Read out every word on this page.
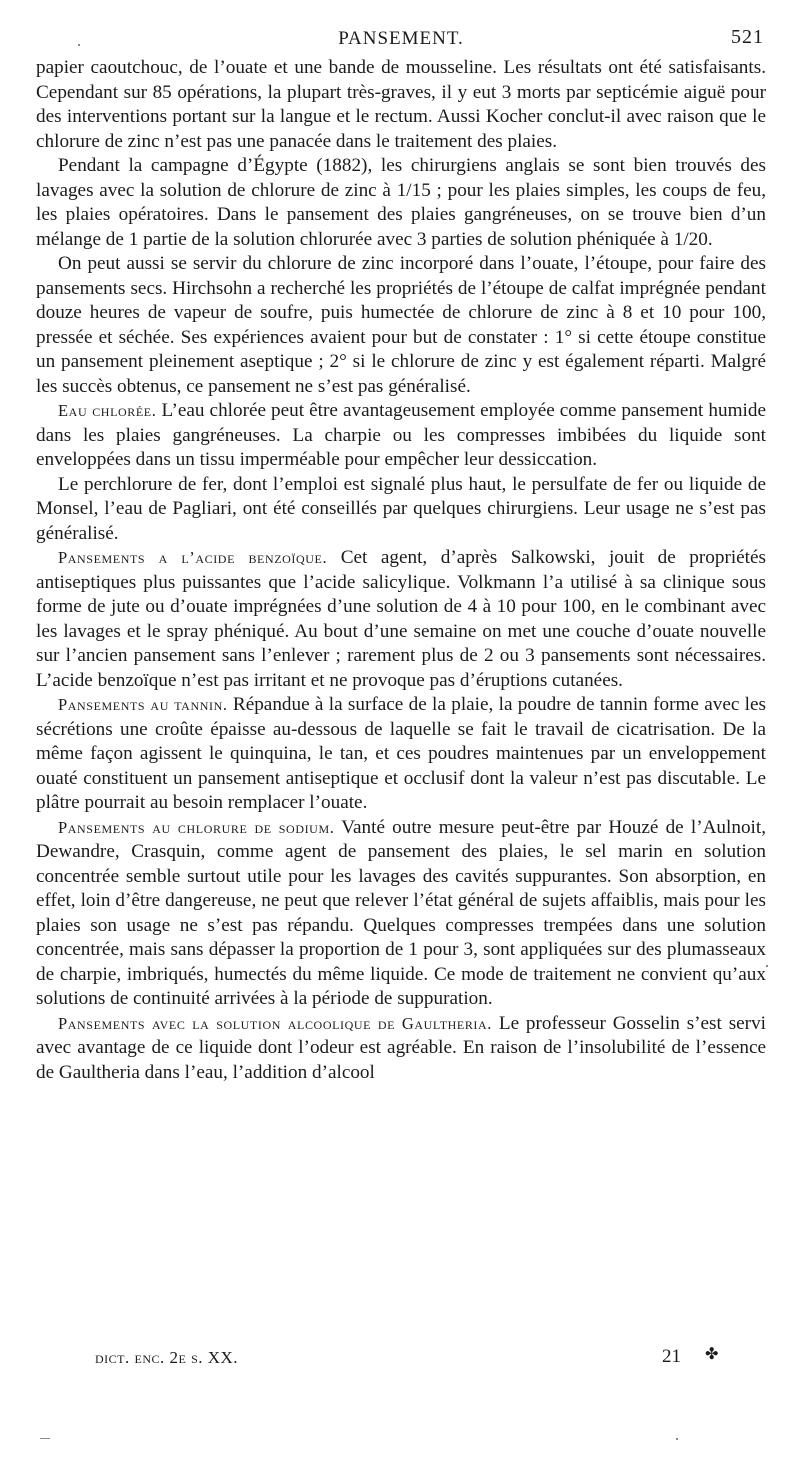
PANSEMENT.	521

papier caoutchouc, de l’ouate et une bande de mousseline. Les résultats ont été satisfaisants. Cependant sur 85 opérations, la plupart très-graves, il y eut 3 morts par septicémie aiguë pour des interventions portant sur la langue et le rectum. Aussi Kocher conclut-il avec raison que le chlorure de zinc n’est pas une panacée dans le traitement des plaies.

Pendant la campagne d’Égypte (1882), les chirurgiens anglais se sont bien trouvés des lavages avec la solution de chlorure de zinc à 1/15 ; pour les plaies simples, les coups de feu, les plaies opératoires. Dans le pansement des plaies gangréneuses, on se trouve bien d’un mélange de 1 partie de la solution chlorurée avec 3 parties de solution phéniquée à 1/20.

On peut aussi se servir du chlorure de zinc incorporé dans l’ouate, l’étoupe, pour faire des pansements secs. Hirchsohn a recherché les propriétés de l’étoupe de calfat imprégnée pendant douze heures de vapeur de soufre, puis humectée de chlorure de zinc à 8 et 10 pour 100, pressée et séchée. Ses expériences avaient pour but de constater : 1° si cette étoupe constitue un pansement pleinement aseptique ; 2° si le chlorure de zinc y est également réparti. Malgré les succès obtenus, ce pansement ne s’est pas généralisé.

Eau chlorée. L’eau chlorée peut être avantageusement employée comme pansement humide dans les plaies gangréneuses. La charpie ou les compresses imbibées du liquide sont enveloppées dans un tissu imperméable pour empêcher leur dessiccation.

Le perchlorure de fer, dont l’emploi est signalé plus haut, le persulfate de fer ou liquide de Monsel, l’eau de Pagliari, ont été conseillés par quelques chirurgiens. Leur usage ne s’est pas généralisé.

Pansements a l’acide benzoïque. Cet agent, d’après Salkowski, jouit de propriétés antiseptiques plus puissantes que l’acide salicylique. Volkmann l’a utilisé à sa clinique sous forme de jute ou d’ouate imprégnées d’une solution de 4 à 10 pour 100, en le combinant avec les lavages et le spray phéniqué. Au bout d’une semaine on met une couche d’ouate nouvelle sur l’ancien pansement sans l’enlever ; rarement plus de 2 ou 3 pansements sont nécessaires. L’acide benzoïque n’est pas irritant et ne provoque pas d’éruptions cutanées.

Pansements au tannin. Répandue à la surface de la plaie, la poudre de tannin forme avec les sécrétions une croûte épaisse au-dessous de laquelle se fait le travail de cicatrisation. De la même façon agissent le quinquina, le tan, et ces poudres maintenues par un enveloppement ouaté constituent un pansement antiseptique et occlusif dont la valeur n’est pas discutable. Le plâtre pourrait au besoin remplacer l’ouate.

Pansements au chlorure de sodium. Vanté outre mesure peut-être par Houzé de l’Aulnoit, Dewandre, Crasquin, comme agent de pansement des plaies, le sel marin en solution concentrée semble surtout utile pour les lavages des cavités suppurantes. Son absorption, en effet, loin d’être dangereuse, ne peut que relever l’état général de sujets affaiblis, mais pour les plaies son usage ne s’est pas répandu. Quelques compresses trempées dans une solution concentrée, mais sans dépasser la proportion de 1 pour 3, sont appliquées sur des plumasseaux de charpie, imbriqués, humectés du même liquide. Ce mode de traitement ne convient qu’aux solutions de continuité arrivées à la période de suppuration.

Pansements avec la solution alcoolique de Gaultheria. Le professeur Gosselin s’est servi avec avantage de ce liquide dont l’odeur est agréable. En raison de l’insolubilité de l’essence de Gaultheria dans l’eau, l’addition d’alcool

dict. enc. 2e s. XX.	21 ✤
